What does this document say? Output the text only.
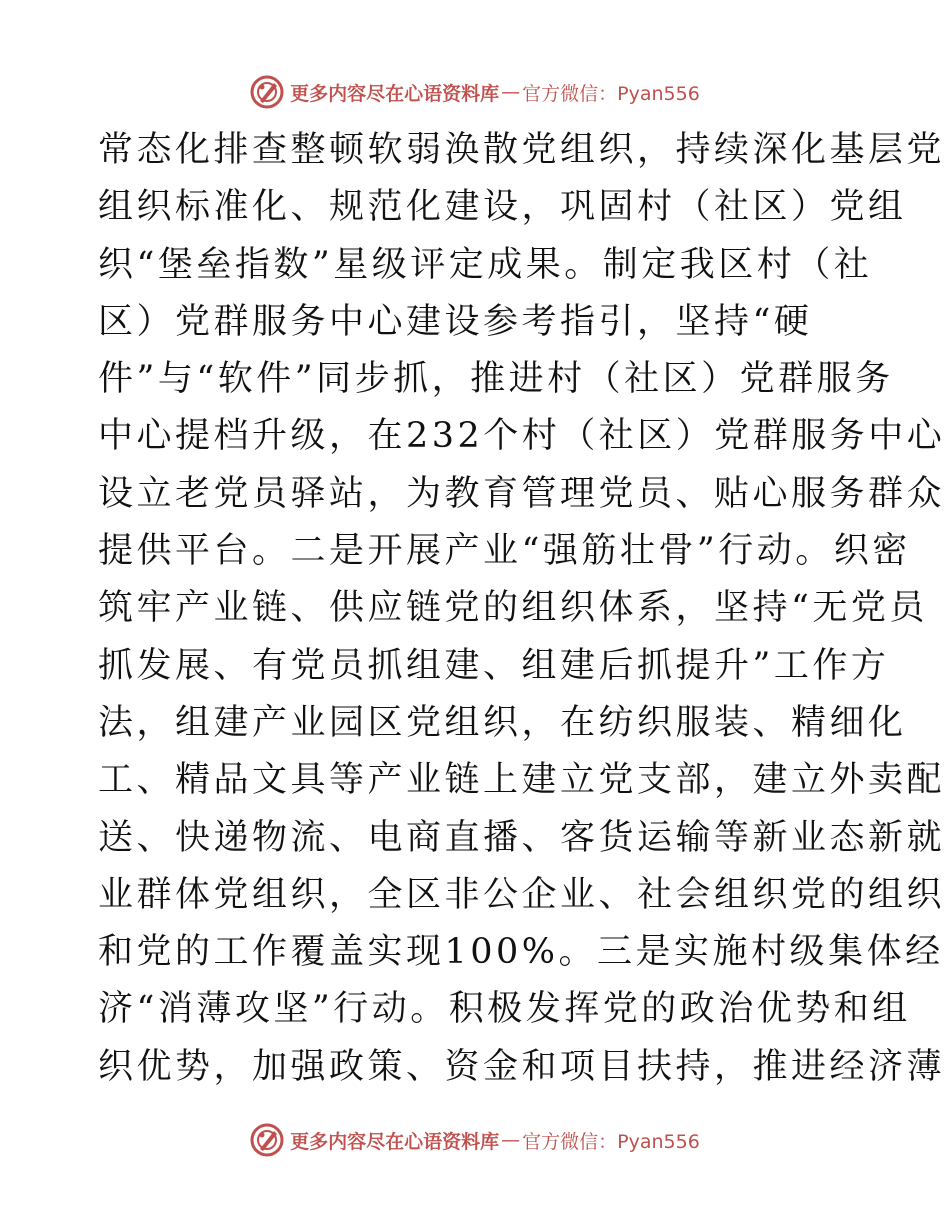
更多内容尽在心语资料库 — 官方微信：Pyan556
常态化排查整顿软弱涣散党组织，持续深化基层党
组织标准化、规范化建设，巩固村（社区）党组
织“堡垒指数”星级评定成果。制定我区村（社
区）党群服务中心建设参考指引，坚持“硬
件”与“软件”同步抓，推进村（社区）党群服务
中心提档升级，在232个村（社区）党群服务中心
设立老党员驿站，为教育管理党员、贴心服务群众
提供平台。二是开展产业“强筋壮骨”行动。织密
筑牢产业链、供应链党的组织体系，坚持“无党员
抓发展、有党员抓组建、组建后抓提升”工作方
法，组建产业园区党组织，在纺织服装、精细化
工、精品文具等产业链上建立党支部，建立外卖配
送、快递物流、电商直播、客货运输等新业态新就
业群体党组织，全区非公企业、社会组织党的组织
和党的工作覆盖实现100%。三是实施村级集体经
济“消薄攻坚”行动。积极发挥党的政治优势和组
织优势，加强政策、资金和项目扶持，推进经济薄
更多内容尽在心语资料库 — 官方微信：Pyan556
